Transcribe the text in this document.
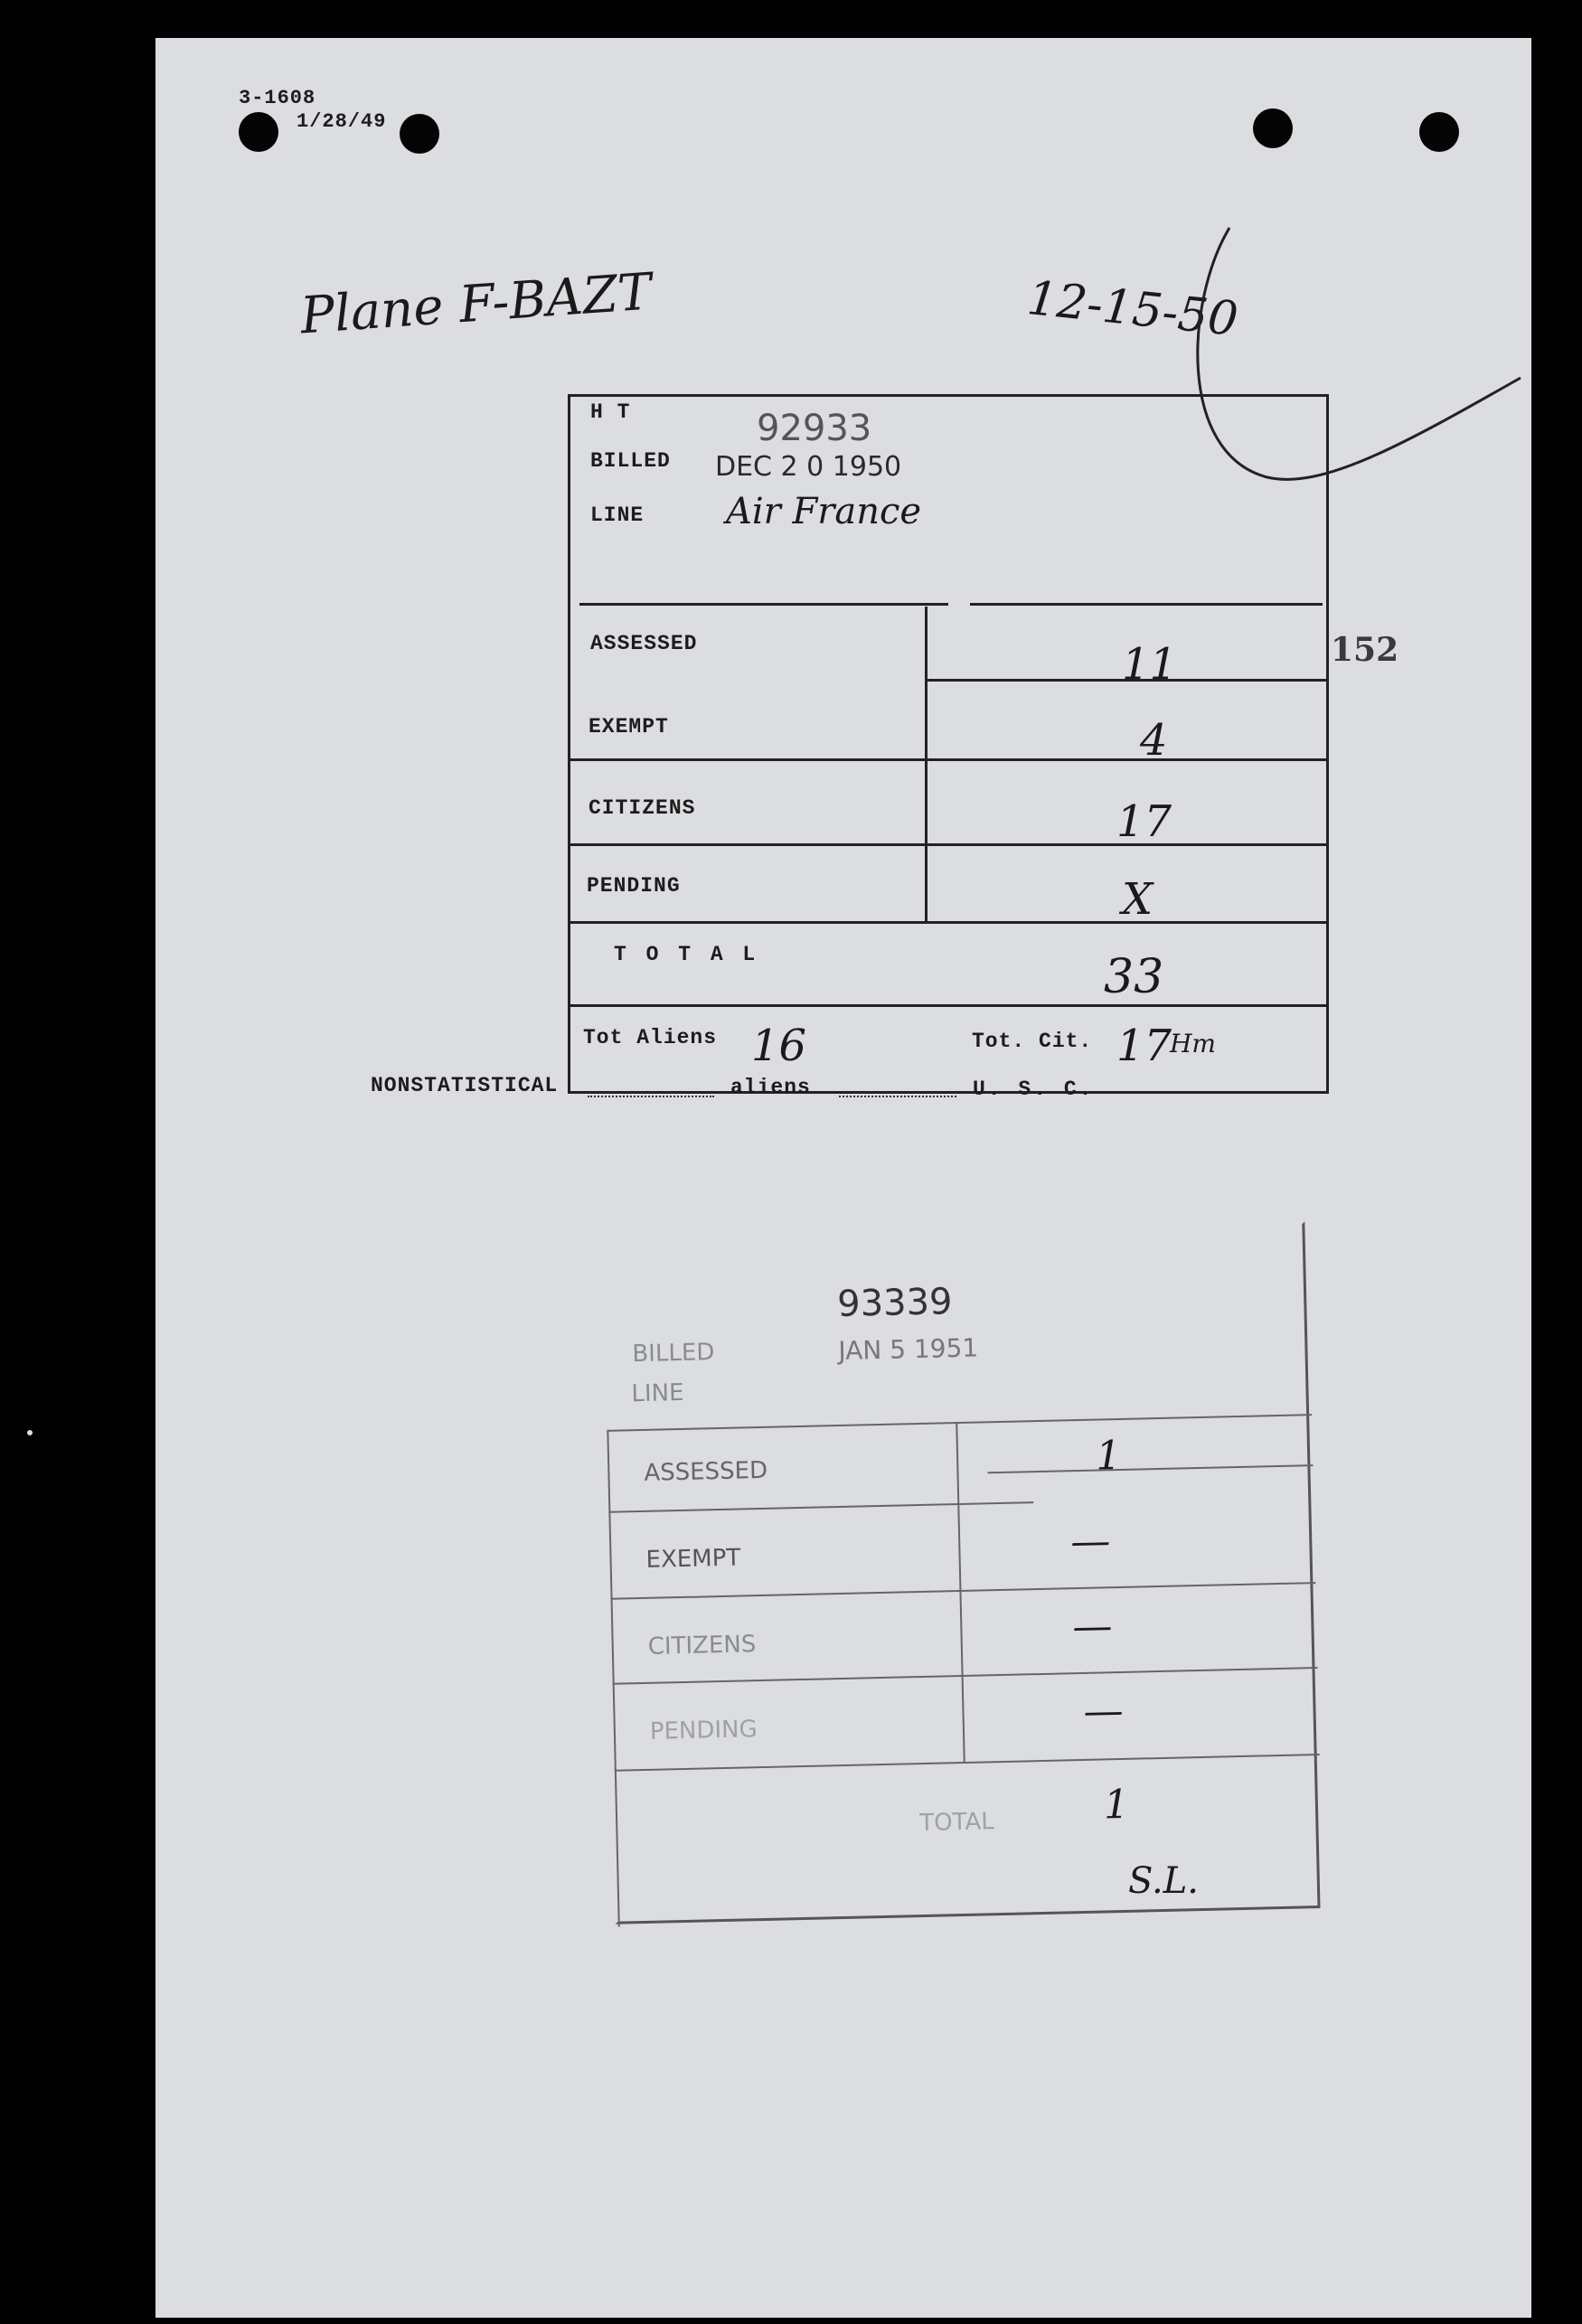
3-1608
1/28/49
Plane F-BAZT	12-15-50
152
H T	92933
BILLED DEC 2 0 1950
LINE Air France
ASSESSED	11
EXEMPT	4
CITIZENS	17
PENDING	X
T O T A L	33
Tot Aliens 16	Tot. Cit. 17
Hm
NONSTATISTICAL	aliens	U. S. C.
93339
BILLED	JAN 5 1951
LINE
ASSESSED	1
EXEMPT	—
CITIZENS	—
PENDING	—
TOTAL	1
S.L.
